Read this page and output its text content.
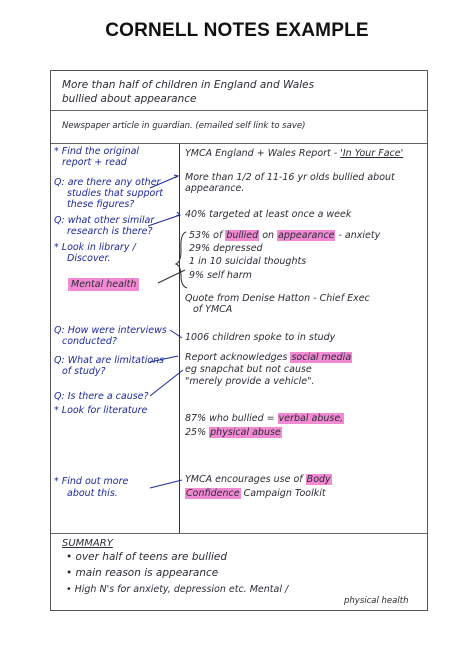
CORNELL NOTES EXAMPLE
More than half of children in England and Wales
bullied about appearance
Newspaper article in guardian. (emailed self link to save)
* Find the original
report + read
Q: are there any other
studies that support
these figures?
Q: what other similar
research is there?
* Look in library /
Discover.
Mental health
Q: How were interviews
conducted?
Q: What are limitations
of study?
Q: Is there a cause?
* Look for literature
* Find out more
about this.
YMCA England + Wales Report - 'In Your Face'
More than 1/2 of 11-16 yr olds bullied about
appearance.
40% targeted at least once a week
53% of bullied on appearance - anxiety
29% depressed
1 in 10 suicidal thoughts
9% self harm
Quote from Denise Hatton - Chief Exec
of YMCA
1006 children spoke to in study
Report acknowledges social media
eg snapchat but not cause
"merely provide a vehicle".
87% who bullied = verbal abuse,
25% physical abuse
YMCA encourages use of Body
Confidence Campaign Toolkit
SUMMARY
• over half of teens are bullied
• main reason is appearance
• High N's for anxiety, depression etc. Mental /
physical health
